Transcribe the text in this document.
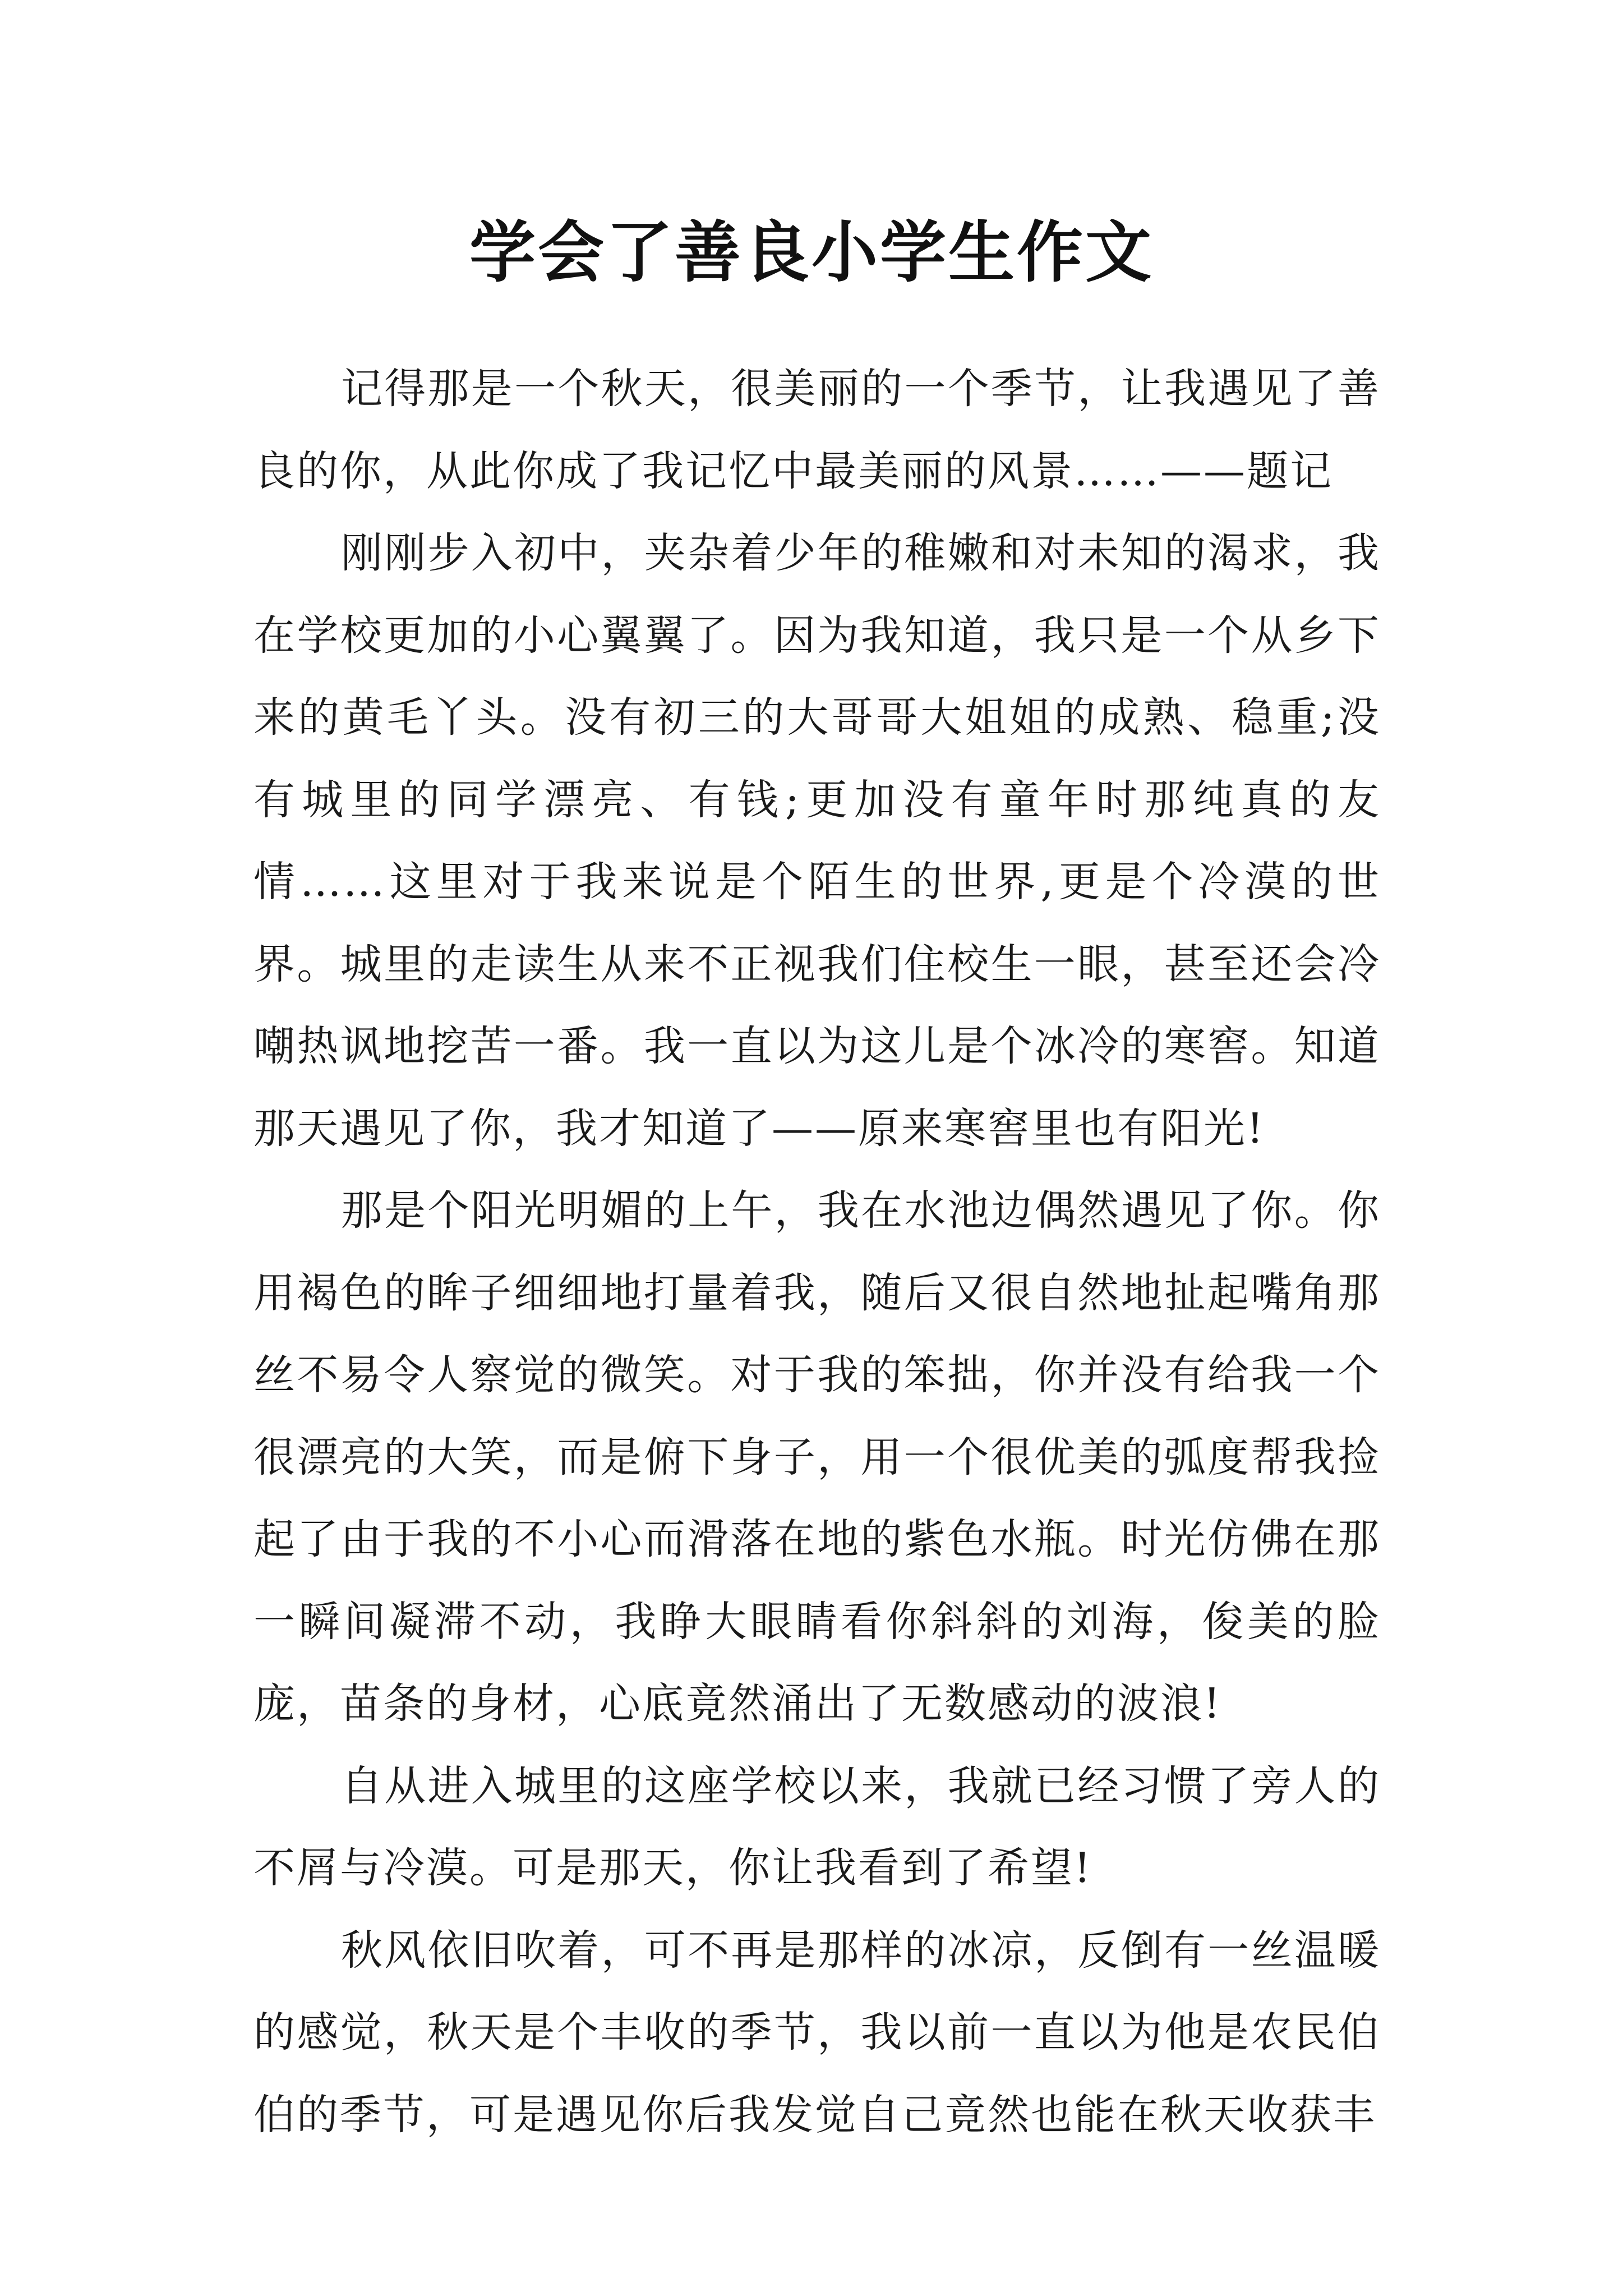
学会了善良小学生作文

记得那是一个秋天，很美丽的一个季节，让我遇见了善良的你，从此你成了我记忆中最美丽的风景……——题记

刚刚步入初中，夹杂着少年的稚嫩和对未知的渴求，我在学校更加的小心翼翼了。因为我知道，我只是一个从乡下来的黄毛丫头。没有初三的大哥哥大姐姐的成熟、稳重;没有城里的同学漂亮、有钱;更加没有童年时那纯真的友情……这里对于我来说是个陌生的世界,更是个冷漠的世界。城里的走读生从来不正视我们住校生一眼，甚至还会冷嘲热讽地挖苦一番。我一直以为这儿是个冰冷的寒窖。知道那天遇见了你，我才知道了——原来寒窖里也有阳光!

那是个阳光明媚的上午，我在水池边偶然遇见了你。你用褐色的眸子细细地打量着我，随后又很自然地扯起嘴角那丝不易令人察觉的微笑。对于我的笨拙，你并没有给我一个很漂亮的大笑，而是俯下身子，用一个很优美的弧度帮我捡起了由于我的不小心而滑落在地的紫色水瓶。时光仿佛在那一瞬间凝滞不动，我睁大眼睛看你斜斜的刘海，俊美的脸庞，苗条的身材，心底竟然涌出了无数感动的波浪!

自从进入城里的这座学校以来，我就已经习惯了旁人的不屑与冷漠。可是那天，你让我看到了希望!

秋风依旧吹着，可不再是那样的冰凉，反倒有一丝温暖的感觉，秋天是个丰收的季节，我以前一直以为他是农民伯伯的季节，可是遇见你后我发觉自己竟然也能在秋天收获丰
